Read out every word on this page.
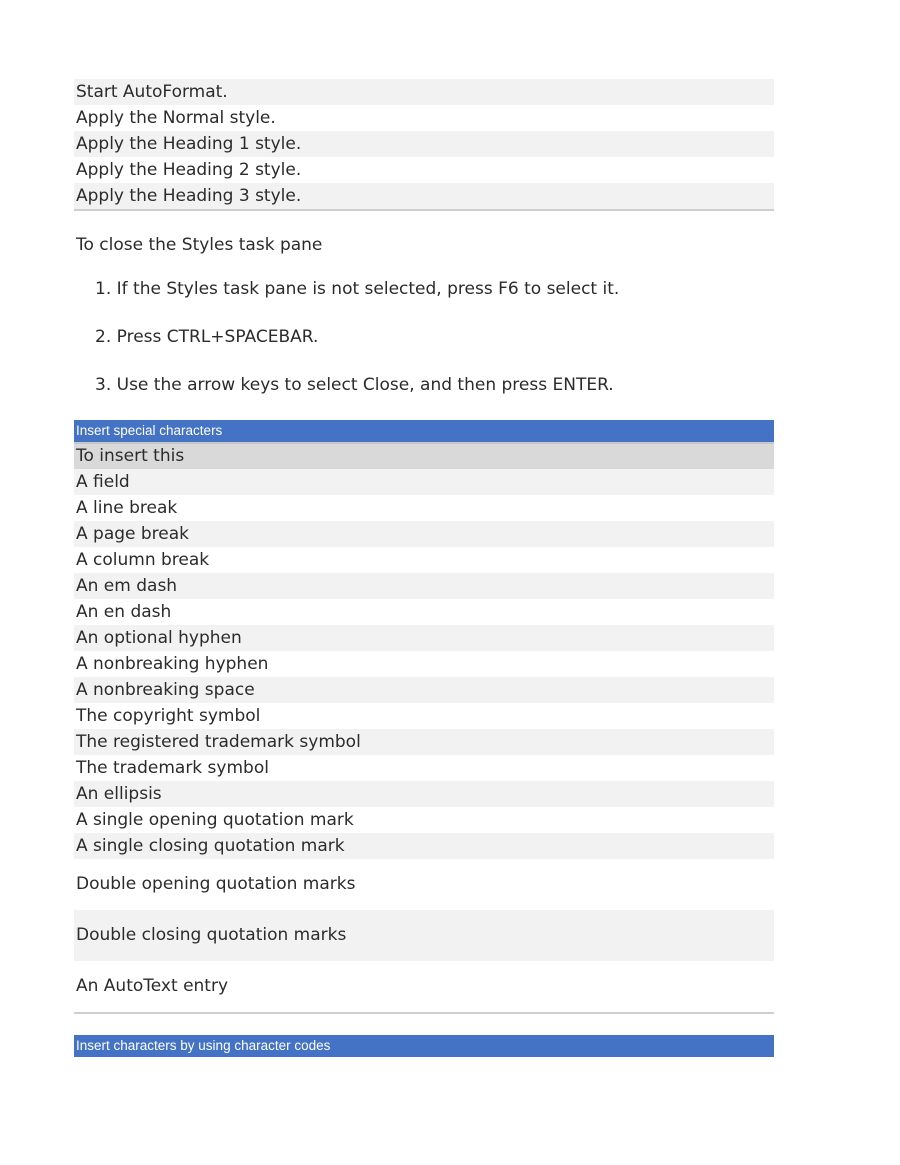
Start AutoFormat.
Apply the Normal style.
Apply the Heading 1 style.
Apply the Heading 2 style.
Apply the Heading 3 style.
To close the Styles task pane
1. If the Styles task pane is not selected, press F6 to select it.
2. Press CTRL+SPACEBAR.
3. Use the arrow keys to select Close, and then press ENTER.
Insert special characters
To insert this
A field
A line break
A page break
A column break
An em dash
An en dash
An optional hyphen
A nonbreaking hyphen
A nonbreaking space
The copyright symbol
The registered trademark symbol
The trademark symbol
An ellipsis
A single opening quotation mark
A single closing quotation mark
Double opening quotation marks
Double closing quotation marks
An AutoText entry
Insert characters by using character codes
